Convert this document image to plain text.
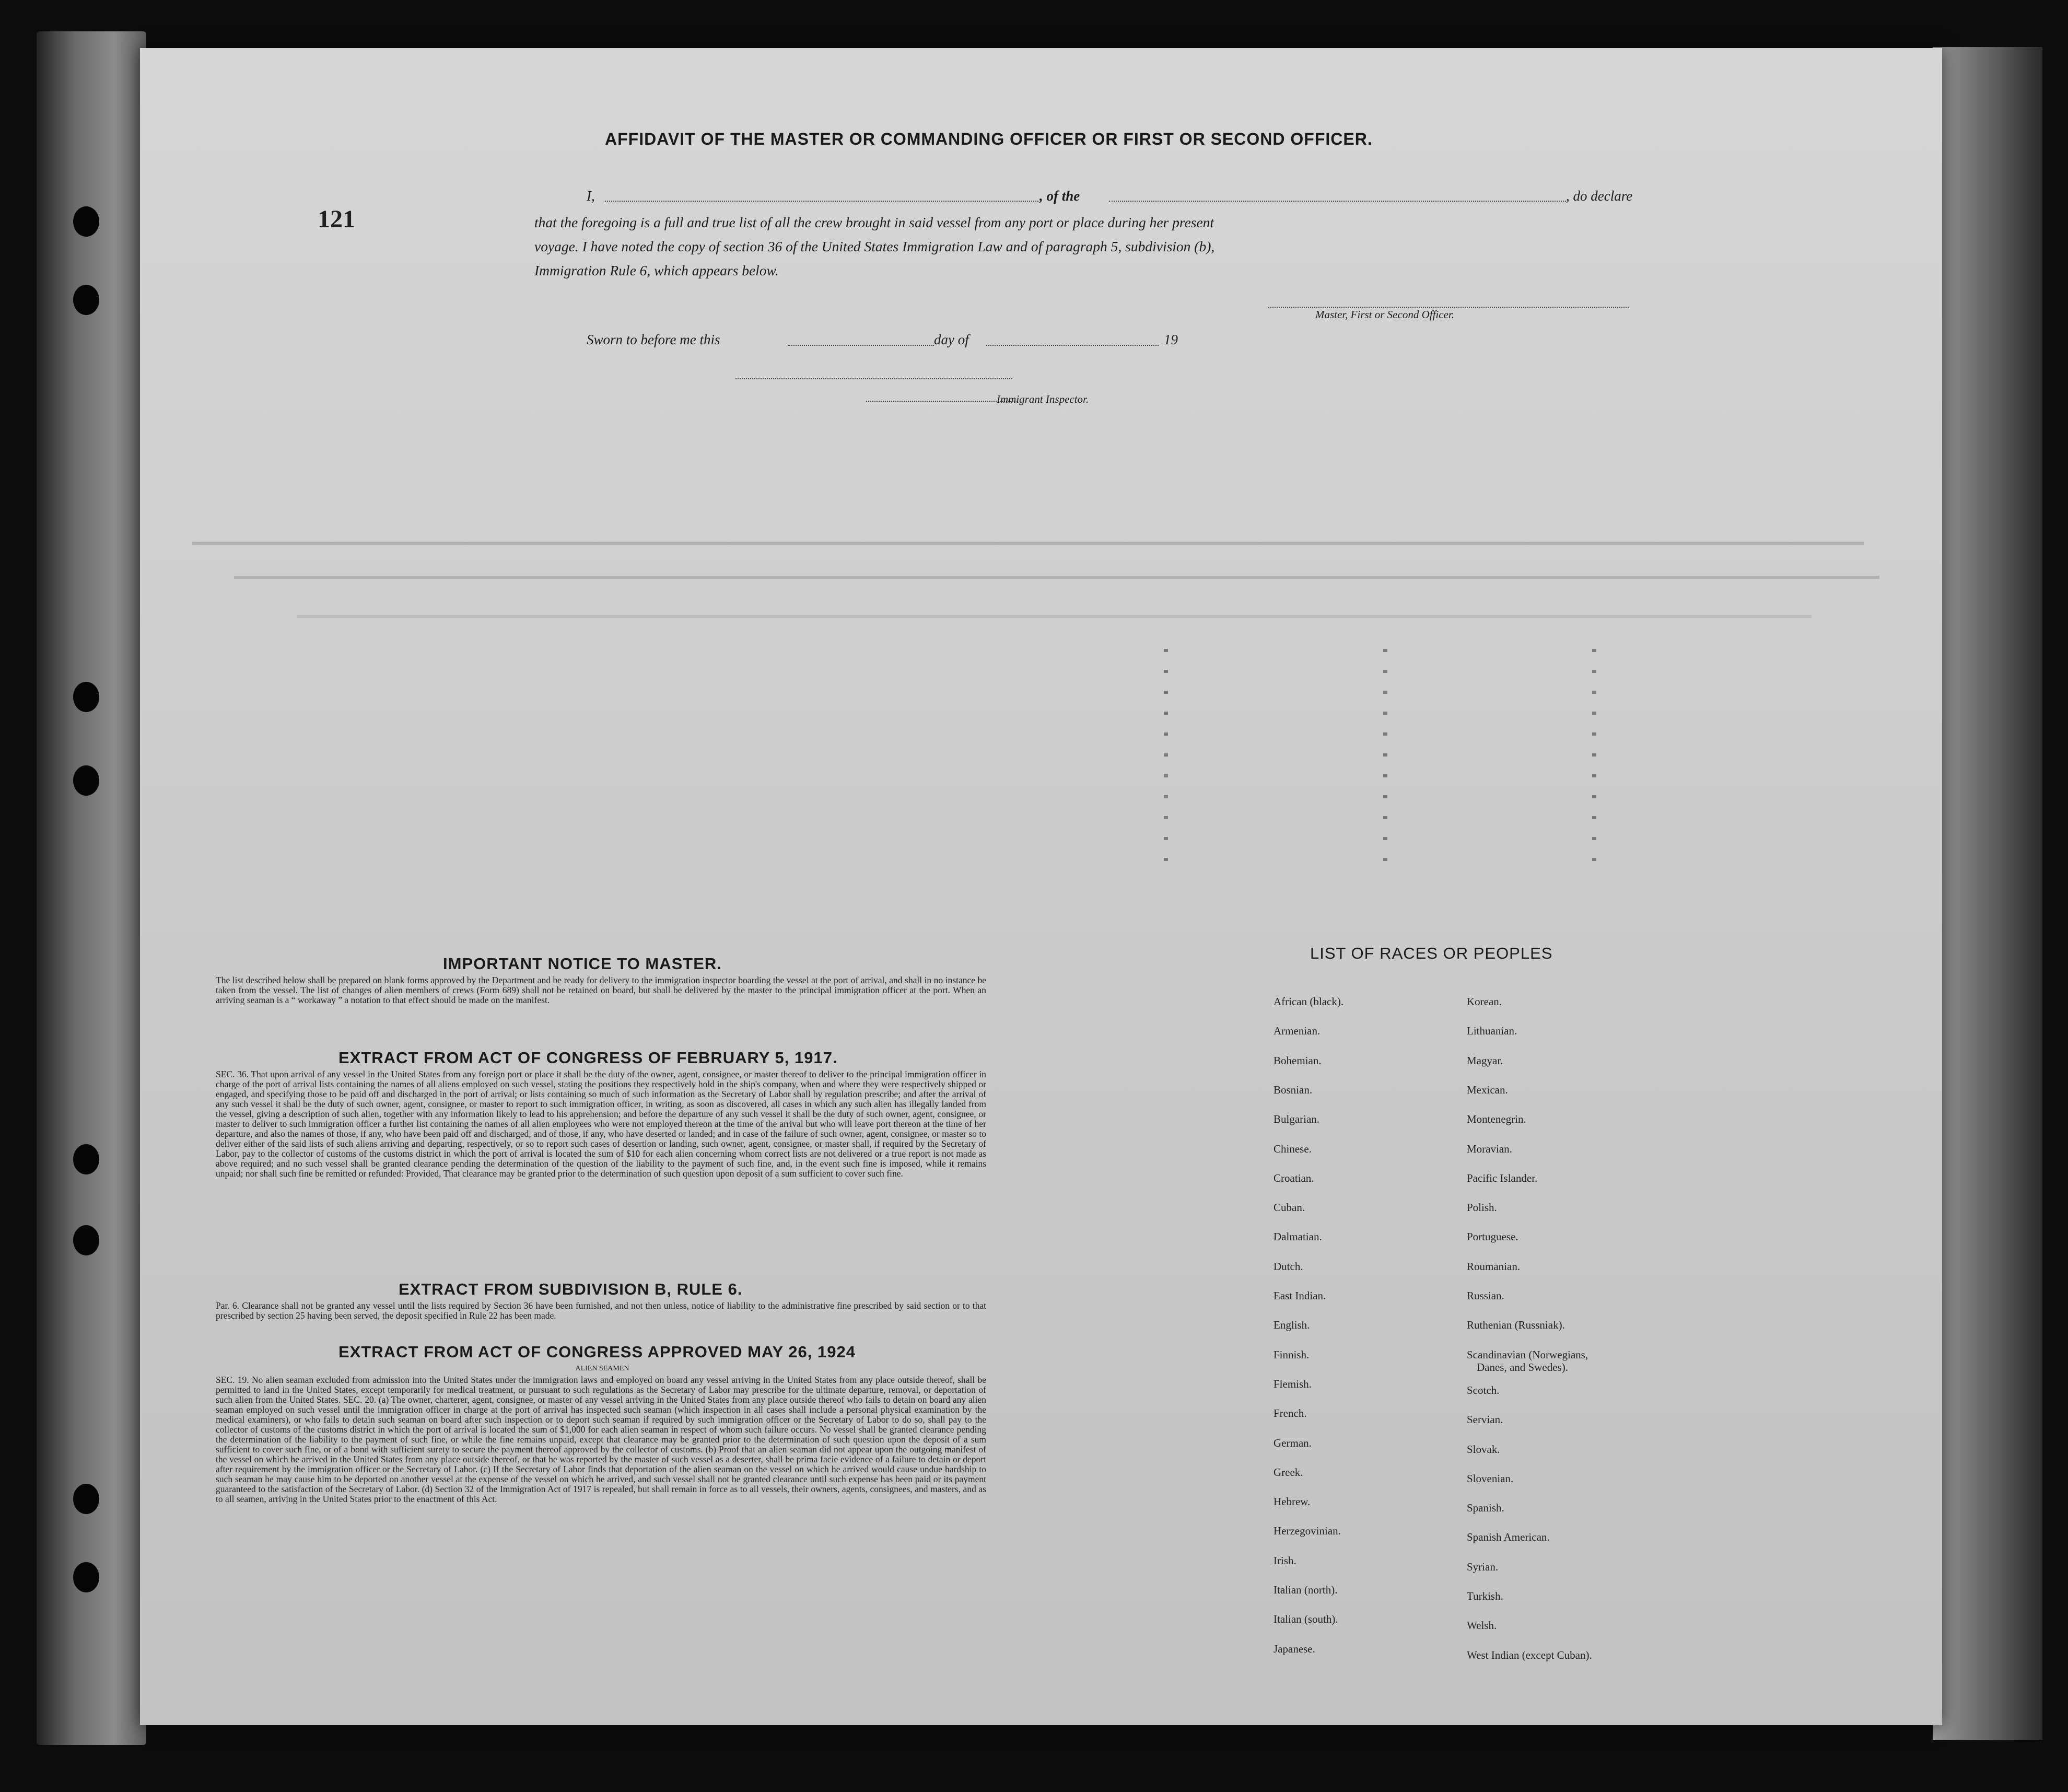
121
AFFIDAVIT OF THE MASTER OR COMMANDING OFFICER OR FIRST OR SECOND OFFICER.
I,	, of the	, do declare
that the foregoing is a full and true list of all the crew brought in said vessel from any port or place during her present
voyage. I have noted the copy of section 36 of the United States Immigration Law and of paragraph 5, subdivision (b),
Immigration Rule 6, which appears below.
Master, First or Second Officer.
Sworn to before me this	day of	19
Immigrant Inspector.
IMPORTANT NOTICE TO MASTER.
The list described below shall be prepared on blank forms approved by the Department and be ready for delivery to the immigration inspector boarding the vessel at the port of arrival, and shall in no instance be taken from the vessel. The list of changes of alien members of crews (Form 689) shall not be retained on board, but shall be delivered by the master to the principal immigration officer at the port. When an arriving seaman is a “ workaway ” a notation to that effect should be made on the manifest.
EXTRACT FROM ACT OF CONGRESS OF FEBRUARY 5, 1917.
SEC. 36. That upon arrival of any vessel in the United States from any foreign port or place it shall be the duty of the owner, agent, consignee, or master thereof to deliver to the principal immigration officer in charge of the port of arrival lists containing the names of all aliens employed on such vessel, stating the positions they respectively hold in the ship's company, when and where they were respectively shipped or engaged, and specifying those to be paid off and discharged in the port of arrival; or lists containing so much of such information as the Secretary of Labor shall by regulation prescribe; and after the arrival of any such vessel it shall be the duty of such owner, agent, consignee, or master to report to such immigration officer, in writing, as soon as discovered, all cases in which any such alien has illegally landed from the vessel, giving a description of such alien, together with any information likely to lead to his apprehension; and before the departure of any such vessel it shall be the duty of such owner, agent, consignee, or master to deliver to such immigration officer a further list containing the names of all alien employees who were not employed thereon at the time of the arrival but who will leave port thereon at the time of her departure, and also the names of those, if any, who have been paid off and discharged, and of those, if any, who have deserted or landed; and in case of the failure of such owner, agent, consignee, or master so to deliver either of the said lists of such aliens arriving and departing, respectively, or so to report such cases of desertion or landing, such owner, agent, consignee, or master shall, if required by the Secretary of Labor, pay to the collector of customs of the customs district in which the port of arrival is located the sum of $10 for each alien concerning whom correct lists are not delivered or a true report is not made as above required; and no such vessel shall be granted clearance pending the determination of the question of the liability to the payment of such fine, and, in the event such fine is imposed, while it remains unpaid; nor shall such fine be remitted or refunded: Provided, That clearance may be granted prior to the determination of such question upon deposit of a sum sufficient to cover such fine.
EXTRACT FROM SUBDIVISION B, RULE 6.
Par. 6. Clearance shall not be granted any vessel until the lists required by Section 36 have been furnished, and not then unless, notice of liability to the administrative fine prescribed by said section or to that prescribed by section 25 having been served, the deposit specified in Rule 22 has been made.
EXTRACT FROM ACT OF CONGRESS APPROVED MAY 26, 1924
ALIEN SEAMEN
SEC. 19. No alien seaman excluded from admission into the United States under the immigration laws and employed on board any vessel arriving in the United States from any place outside thereof, shall be permitted to land in the United States, except temporarily for medical treatment, or pursuant to such regulations as the Secretary of Labor may prescribe for the ultimate departure, removal, or deportation of such alien from the United States. SEC. 20. (a) The owner, charterer, agent, consignee, or master of any vessel arriving in the United States from any place outside thereof who fails to detain on board any alien seaman employed on such vessel until the immigration officer in charge at the port of arrival has inspected such seaman (which inspection in all cases shall include a personal physical examination by the medical examiners), or who fails to detain such seaman on board after such inspection or to deport such seaman if required by such immigration officer or the Secretary of Labor to do so, shall pay to the collector of customs of the customs district in which the port of arrival is located the sum of $1,000 for each alien seaman in respect of whom such failure occurs. No vessel shall be granted clearance pending the determination of the liability to the payment of such fine, or while the fine remains unpaid, except that clearance may be granted prior to the determination of such question upon the deposit of a sum sufficient to cover such fine, or of a bond with sufficient surety to secure the payment thereof approved by the collector of customs. (b) Proof that an alien seaman did not appear upon the outgoing manifest of the vessel on which he arrived in the United States from any place outside thereof, or that he was reported by the master of such vessel as a deserter, shall be prima facie evidence of a failure to detain or deport after requirement by the immigration officer or the Secretary of Labor. (c) If the Secretary of Labor finds that deportation of the alien seaman on the vessel on which he arrived would cause undue hardship to such seaman he may cause him to be deported on another vessel at the expense of the vessel on which he arrived, and such vessel shall not be granted clearance until such expense has been paid or its payment guaranteed to the satisfaction of the Secretary of Labor. (d) Section 32 of the Immigration Act of 1917 is repealed, but shall remain in force as to all vessels, their owners, agents, consignees, and masters, and as to all seamen, arriving in the United States prior to the enactment of this Act.
LIST OF RACES OR PEOPLES
Danes, and Swedes).
African (black).
Armenian.
Bohemian.
Bosnian.
Bulgarian.
Chinese.
Croatian.
Cuban.
Dalmatian.
Dutch.
East Indian.
English.
Finnish.
Flemish.
French.
German.
Greek.
Hebrew.
Herzegovinian.
Irish.
Italian (north).
Italian (south).
Japanese.
Korean.
Lithuanian.
Magyar.
Mexican.
Montenegrin.
Moravian.
Pacific Islander.
Polish.
Portuguese.
Roumanian.
Russian.
Ruthenian (Russniak).
Scandinavian (Norwegians,
Scotch.
Servian.
Slovak.
Slovenian.
Spanish.
Spanish American.
Syrian.
Turkish.
Welsh.
West Indian (except Cuban).
